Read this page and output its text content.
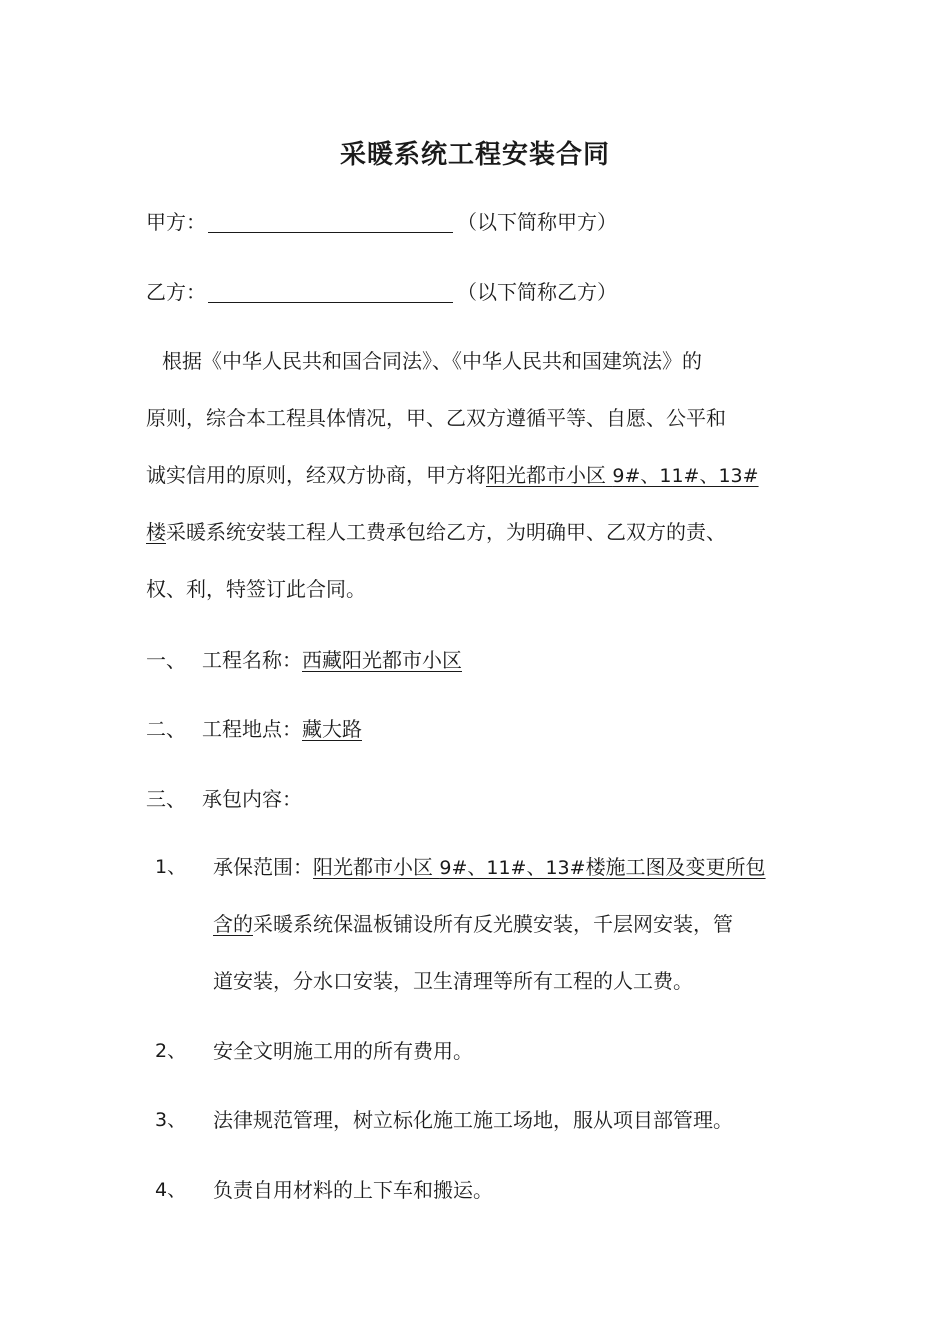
采暖系统工程安装合同
甲方：	（以下简称甲方）
乙方：	（以下简称乙方）
根据《中华人民共和国合同法》、《中华人民共和国建筑法》的
原则，综合本工程具体情况，甲、乙双方遵循平等、自愿、公平和
诚实信用的原则，经双方协商，甲方将阳光都市小区 9#、11#、13#
楼采暖系统安装工程人工费承包给乙方，为明确甲、乙双方的责、
权、利，特签订此合同。
一、 工程名称：西藏阳光都市小区
二、 工程地点：藏大路
三、 承包内容：
1、 承保范围：阳光都市小区 9#、11#、13#楼施工图及变更所包
含的采暖系统保温板铺设所有反光膜安装，千层网安装，管
道安装，分水口安装，卫生清理等所有工程的人工费。
2、 安全文明施工用的所有费用。
3、 法律规范管理，树立标化施工施工场地，服从项目部管理。
4、 负责自用材料的上下车和搬运。
